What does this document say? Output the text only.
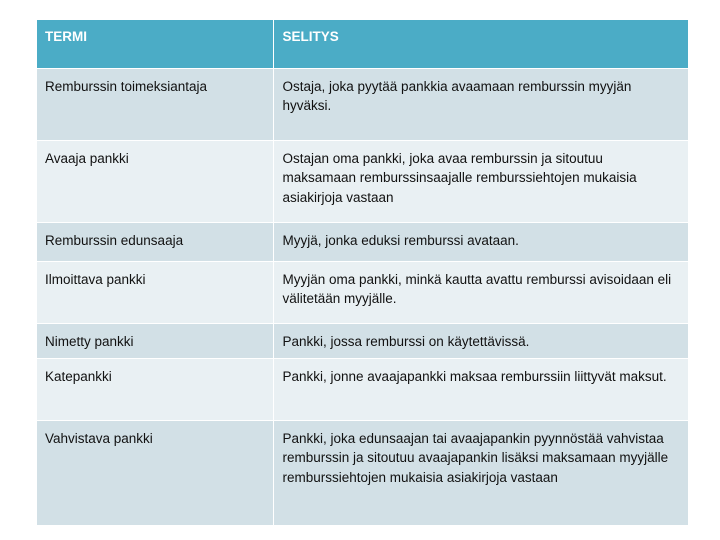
TERMI	SELITYS
Remburssin toimeksiantaja	Ostaja, joka pyytää pankkia avaamaan remburssin myyjän hyväksi.
Avaaja pankki	Ostajan oma pankki, joka avaa remburssin ja sitoutuu maksamaan remburssinsaajalle remburssiehtojen mukaisia asiakirjoja vastaan
Remburssin edunsaaja	Myyjä, jonka eduksi remburssi avataan.
Ilmoittava pankki	Myyjän oma pankki, minkä kautta avattu remburssi avisoidaan eli välitetään myyjälle.
Nimetty pankki	Pankki, jossa remburssi on käytettävissä.
Katepankki	Pankki, jonne avaajapankki maksaa remburssiin liittyvät maksut.
Vahvistava pankki	Pankki, joka edunsaajan tai avaajapankin pyynnöstää vahvistaa remburssin ja sitoutuu avaajapankin lisäksi maksamaan myyjälle remburssiehtojen mukaisia asiakirjoja vastaan
